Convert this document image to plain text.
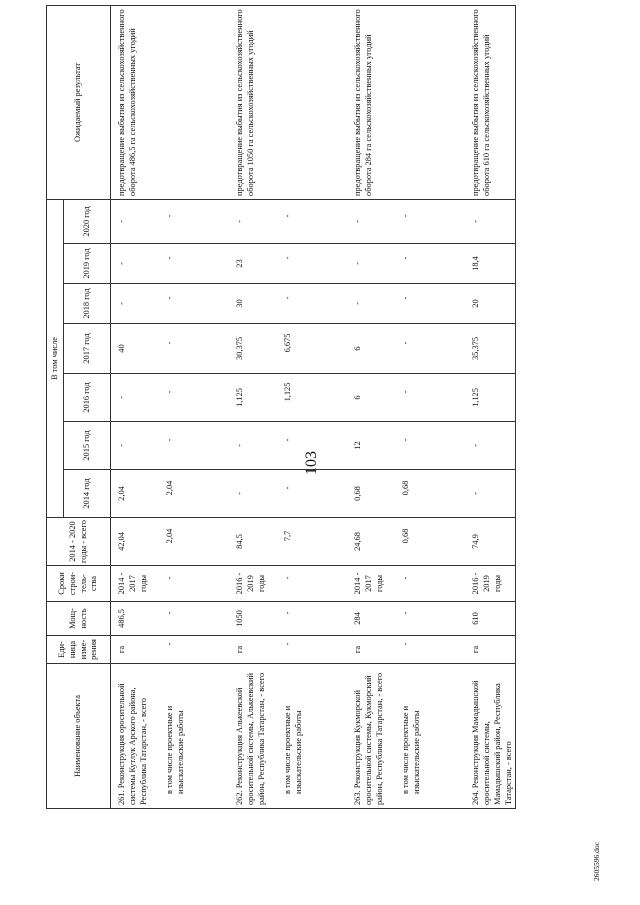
103
2605596.doc
Наименование объекта	Еди-ница изме-рения	Мощ-ность	Сроки строи-тель-ства	2014 - 2020 годы - всего	В том числе							Ожидаемый результат
					2014 год	2015 год	2016 год	2017 год	2018 год	2019 год	2020 год	
261. Реконструкция оросительной системы Кутлук Арского района, Республика Татарстан, - всего	га	486,5	2014 - 2017 годы	42,04	2,04	-	-	40	-	-	-	предотвращение выбытия из сельскохозяйственного оборота 486,5 га сельскохозяйственных угодий
в том числе проектные и изыскательские работы	-	-	-	2,04	2,04	-	-	-	-	-	-	
262. Реконструкция Алькеевской оросительной системы, Алькеевский район, Республика Татарстан, - всего	га	1050	2016 - 2019 годы	84,5	-	-	1,125	30,375	30	23	-	предотвращение выбытия из сельскохозяйственного оборота 1050 га сельскохозяйственных угодий
в том числе проектные и изыскательские работы	-	-	-	7,7	-	-	1,125	6,675	-	-	-	
263. Реконструкция Кукморской оросительной системы, Кукморский район, Республика Татарстан, - всего	га	284	2014 - 2017 годы	24,68	0,68	12	6	6	-	-	-	предотвращение выбытия из сельскохозяйственного оборота 284 га сельскохозяйственных угодий
в том числе проектные и изыскательские работы	-	-	-	0,68	0,68	-	-	-	-	-	-	
264. Реконструкция Мамадышской оросительной системы, Мамадышский район, Республика Татарстан, - всего	га	610	2016 - 2019 годы	74,9	-	-	1,125	35,375	20	18,4	-	предотвращение выбытия из сельскохозяйственного оборота 610 га сельскохозяйственных угодий
